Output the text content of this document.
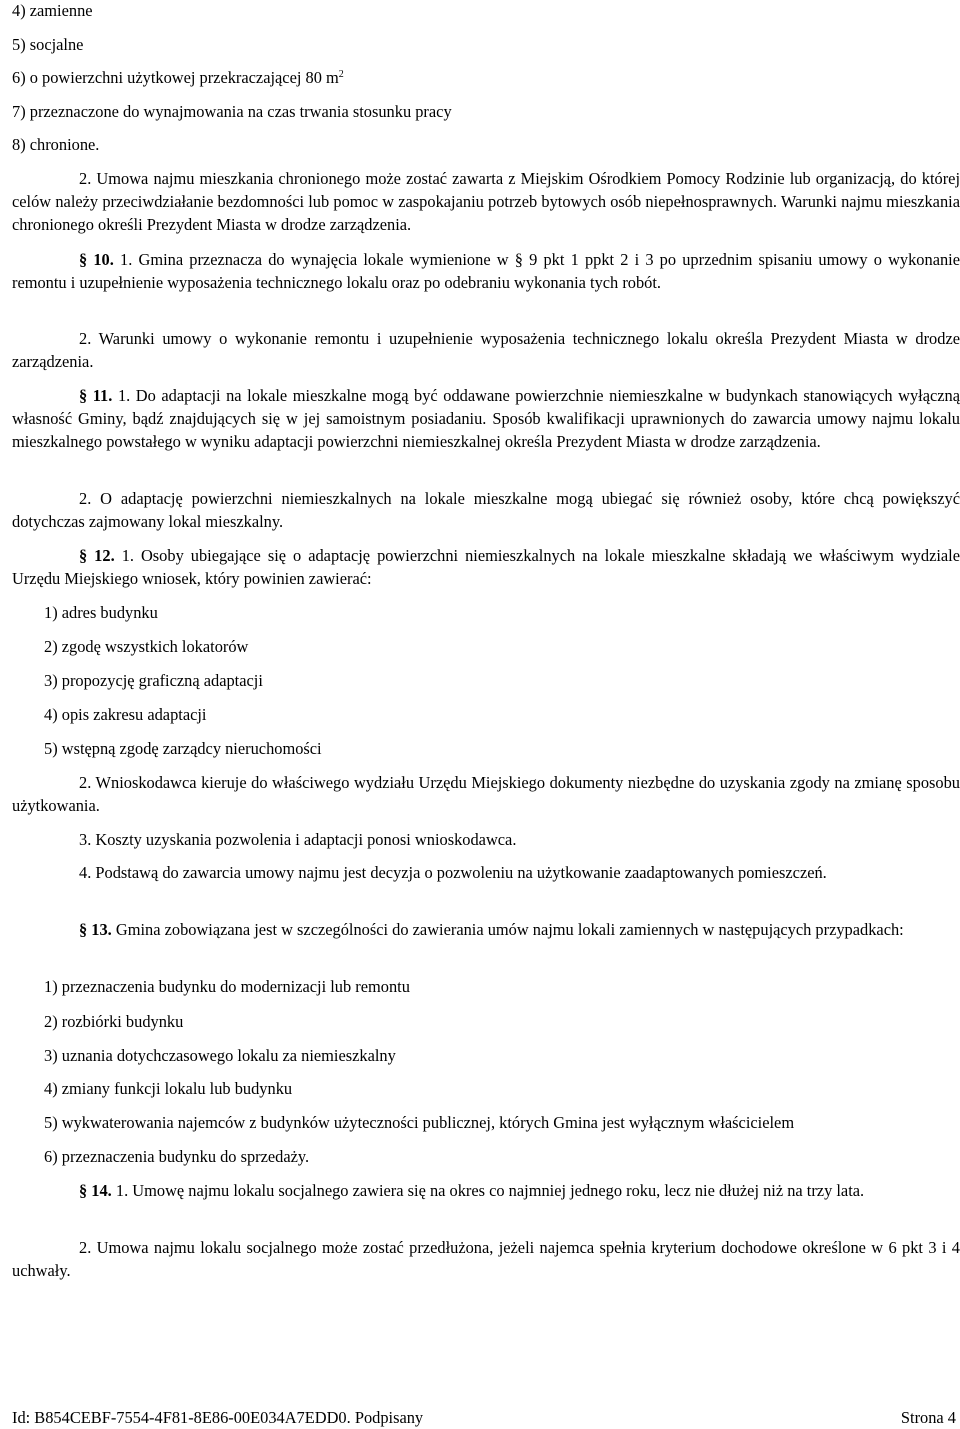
4) zamienne
5) socjalne
6) o powierzchni użytkowej przekraczającej 80 $m^2$
7) przeznaczone do wynajmowania na czas trwania stosunku pracy
8) chronione.

2. Umowa najmu mieszkania chronionego może zostać zawarta z Miejskim Ośrodkiem Pomocy Rodzinie lub organizacją, do której celów należy przeciwdziałanie bezdomności lub pomoc w zaspokajaniu potrzeb bytowych osób niepełnosprawnych. Warunki najmu mieszkania chronionego określi Prezydent Miasta w drodze zarządzenia.

§ 10. 1. Gmina przeznacza do wynajęcia lokale wymienione w § 9 pkt 1 ppkt 2 i 3 po uprzednim spisaniu umowy o wykonanie remontu i uzupełnienie wyposażenia technicznego lokalu oraz po odebraniu wykonania tych robót.

2. Warunki umowy o wykonanie remontu i uzupełnienie wyposażenia technicznego lokalu określa Prezydent Miasta w drodze zarządzenia.

§ 11. 1. Do adaptacji na lokale mieszkalne mogą być oddawane powierzchnie niemieszkalne w budynkach stanowiących wyłączną własność Gminy, bądź znajdujących się w jej samoistnym posiadaniu. Sposób kwalifikacji uprawnionych do zawarcia umowy najmu lokalu mieszkalnego powstałego w wyniku adaptacji powierzchni niemieszkalnej określa Prezydent Miasta w drodze zarządzenia.

2. O adaptację powierzchni niemieszkalnych na lokale mieszkalne mogą ubiegać się również osoby, które chcą powiększyć dotychczas zajmowany lokal mieszkalny.

§ 12. 1. Osoby ubiegające się o adaptację powierzchni niemieszkalnych na lokale mieszkalne składają we właściwym wydziale Urzędu Miejskiego wniosek, który powinien zawierać:

1) adres budynku
2) zgodę wszystkich lokatorów
3) propozycję graficzną adaptacji
4) opis zakresu adaptacji
5) wstępną zgodę zarządcy nieruchomości

2. Wnioskodawca kieruje do właściwego wydziału Urzędu Miejskiego dokumenty niezbędne do uzyskania zgody na zmianę sposobu użytkowania.

3. Koszty uzyskania pozwolenia i adaptacji ponosi wnioskodawca.

4. Podstawą do zawarcia umowy najmu jest decyzja o pozwoleniu na użytkowanie zaadaptowanych pomieszczeń.

§ 13. Gmina zobowiązana jest w szczególności do zawierania umów najmu lokali zamiennych w następujących przypadkach:

1) przeznaczenia budynku do modernizacji lub remontu
2) rozbiórki budynku
3) uznania dotychczasowego lokalu za niemieszkalny
4) zmiany funkcji lokalu lub budynku
5) wykwaterowania najemców z budynków użyteczności publicznej, których Gmina jest wyłącznym właścicielem
6) przeznaczenia budynku do sprzedaży.

§ 14. 1. Umowę najmu lokalu socjalnego zawiera się na okres co najmniej jednego roku, lecz nie dłużej niż na trzy lata.

2. Umowa najmu lokalu socjalnego może zostać przedłużona, jeżeli najemca spełnia kryterium dochodowe określone w 6 pkt 3 i 4 uchwały.

Id: B854CEBF-7554-4F81-8E86-00E034A7EDD0. Podpisany	Strona 4
